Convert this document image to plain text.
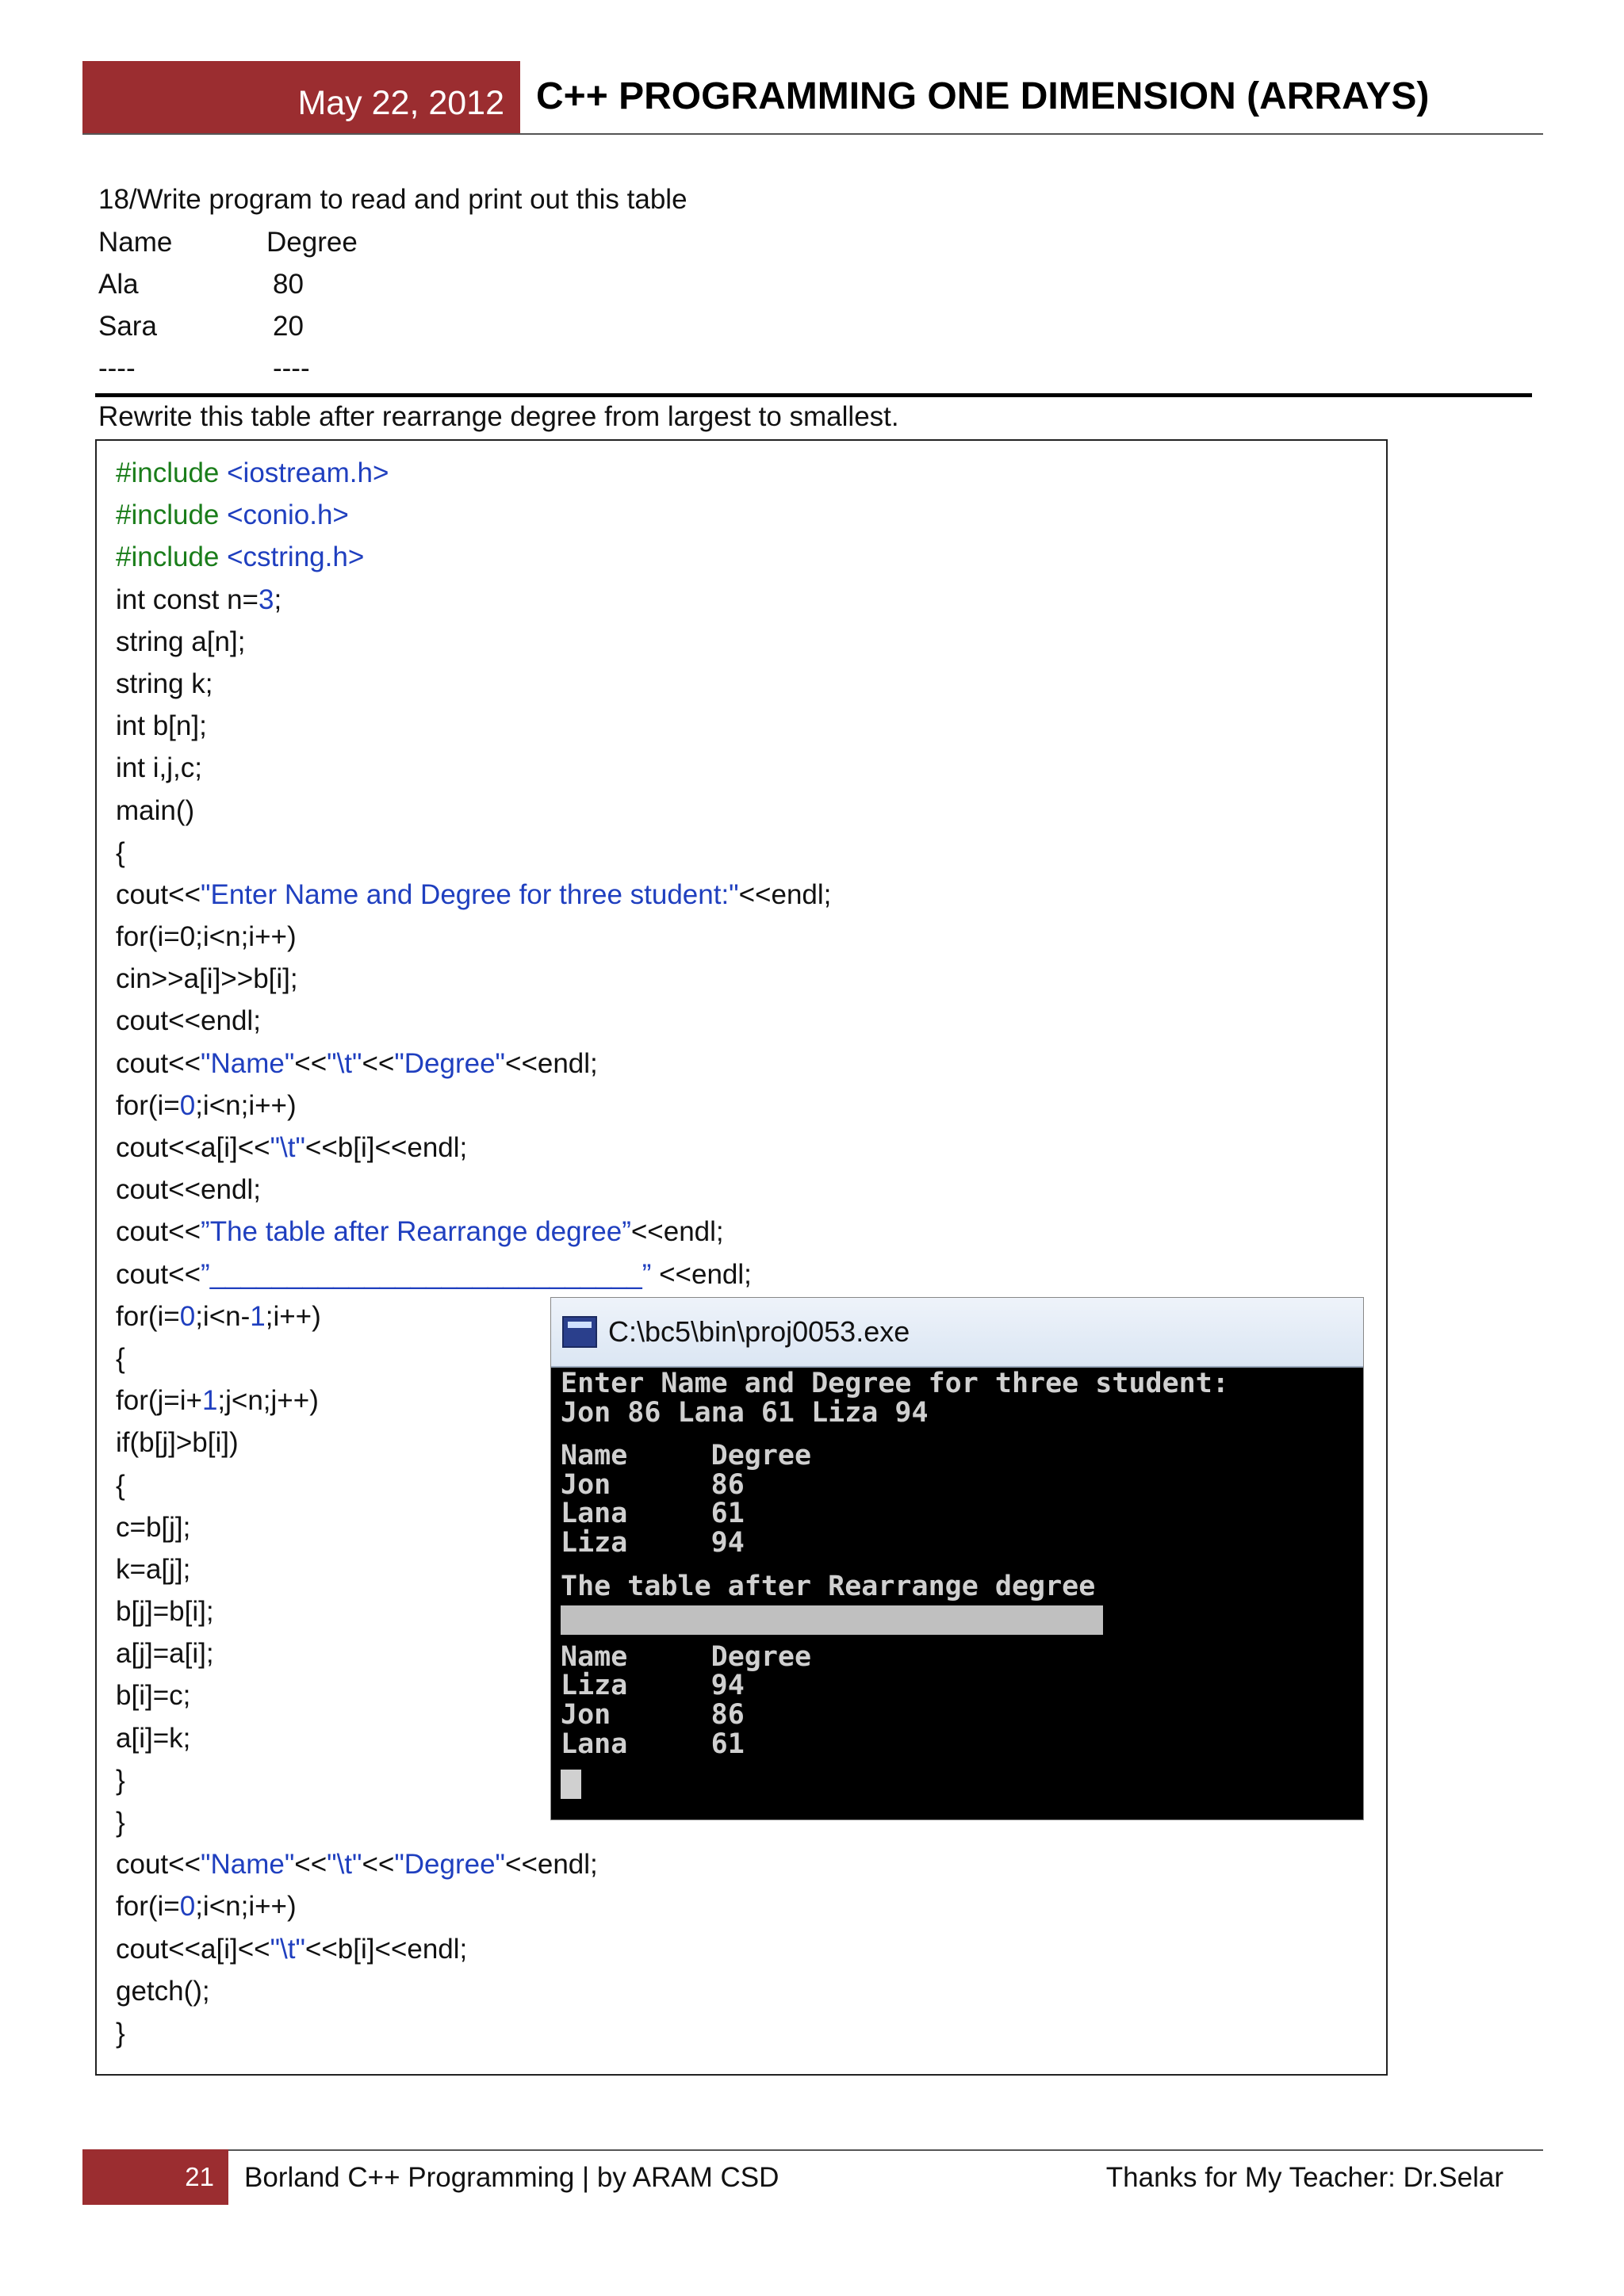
May 22, 2012 C++ PROGRAMMING ONE DIMENSION (ARRAYS)
18/Write program to read and print out this table
Name	Degree
Ala	80
Sara	20
----	----
Rewrite this table after rearrange degree from largest to smallest.
#include <iostream.h>
#include <conio.h>
#include <cstring.h>
int const n=3;
string a[n];
string k;
int b[n];
int i,j,c;
main()
{
cout<<"Enter Name and Degree for three student:"<<endl;
for(i=0;i<n;i++)
cin>>a[i]>>b[i];
cout<<endl;
cout<<"Name"<<"\t"<<"Degree"<<endl;
for(i=0;i<n;i++)
cout<<a[i]<<"\t"<<b[i]<<endl;
cout<<endl;
cout<<”The table after Rearrange degree”<<endl;
cout<<”____________________________” <<endl;
for(i=0;i<n-1;i++)
{
for(j=i+1;j<n;j++)
if(b[j]>b[i])
{
c=b[j];
k=a[j];
b[j]=b[i];
a[j]=a[i];
b[i]=c;
a[i]=k;
}
}
cout<<"Name"<<"\t"<<"Degree"<<endl;
for(i=0;i<n;i++)
cout<<a[i]<<"\t"<<b[i]<<endl;
getch();
}
C:\bc5\bin\proj0053.exe
Enter Name and Degree for three student:
Jon 86 Lana 61 Liza 94
Name     Degree
Jon      86
Lana     61
Liza     94
The table after Rearrange degree
Name     Degree
Liza     94
Jon      86
Lana     61
21	Borland C++ Programming | by ARAM CSD	Thanks for My Teacher: Dr.Selar
